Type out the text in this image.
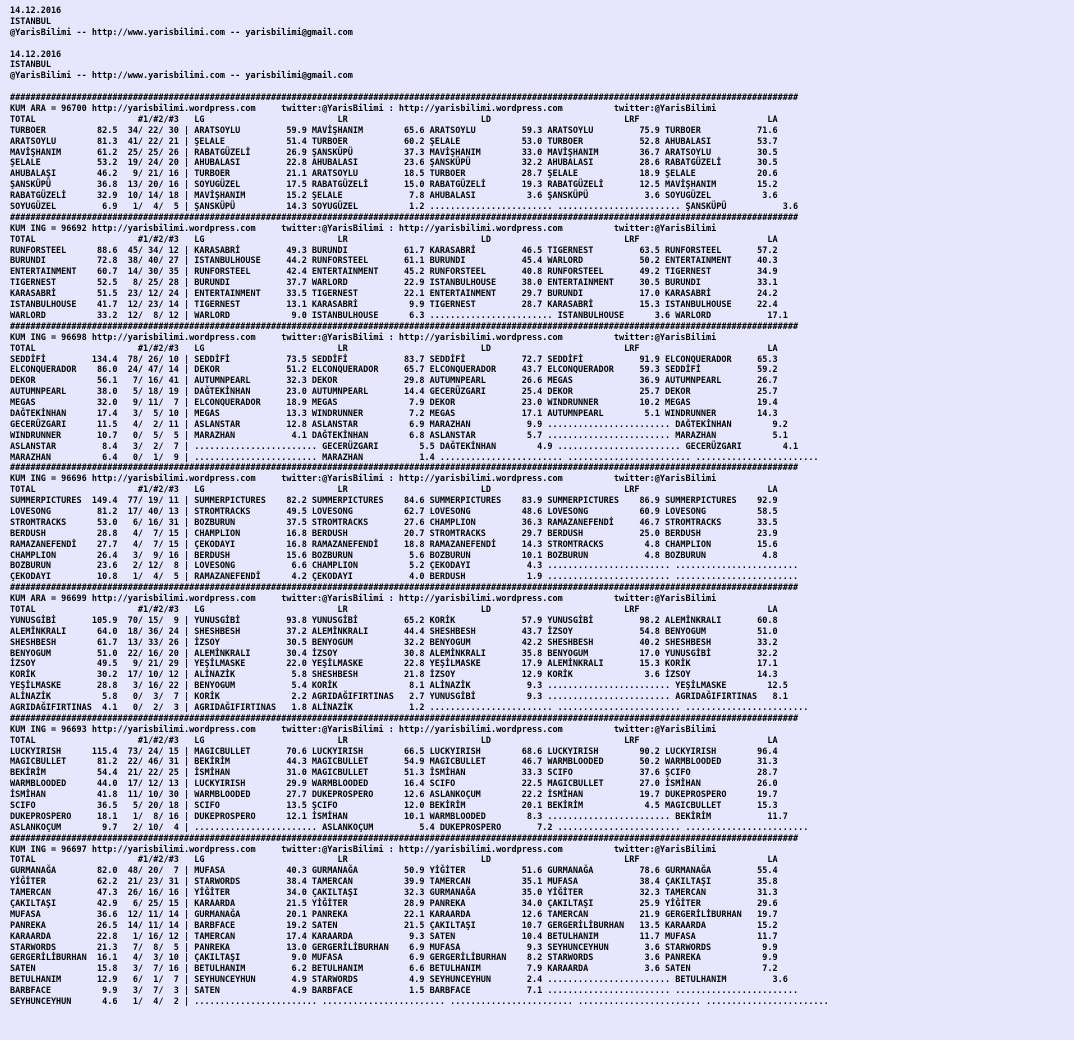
14.12.2016
ISTANBUL
@YarisBilimi -- http://www.yarisbilimi.com -- yarisbilimi@gmail.com

14.12.2016
ISTANBUL
@YarisBilimi -- http://www.yarisbilimi.com -- yarisbilimi@gmail.com

##########################################################################################################################################################
KUM ARA = 96700 http://yarisbilimi.wordpress.com     twitter:@YarisBilimi : http://yarisbilimi.wordpress.com          twitter:@YarisBilimi
TOTAL                    #1/#2/#3   LG                          LR                          LD                          LRF                         LA
TURBOER          82.5  34/ 22/ 30 | ARATSOYLU         59.9 MAVİŞHANIM        65.6 ARATSOYLU         59.3 ARATSOYLU         75.9 TURBOER           71.6
ARATSOYLU        81.3  41/ 22/ 21 | ŞELALE            51.4 TURBOER           60.2 ŞELALE            53.0 TURBOER           52.8 AHUBALASI         53.7
MAVİŞHANIM       61.2  25/ 25/ 26 | RABATGÜZELİ       26.9 ŞANSKÜPÜ          37.3 MAVİŞHANIM        33.0 MAVİŞHANIM        36.7 ARATSOYLU         30.5
ŞELALE           53.2  19/ 24/ 20 | AHUBALASI         22.8 AHUBALASI         23.6 ŞANSKÜPÜ          32.2 AHUBALASI         28.6 RABATGÜZELİ       30.5
AHUBALAŞI        46.2   9/ 21/ 16 | TURBOER           21.1 ARATSOYLU         18.5 TURBOER           28.7 ŞELALE            18.9 ŞELALE            20.6
ŞANSKÜPÜ         36.8  13/ 20/ 16 | SOYUGÜZEL         17.5 RABATGÜZELİ       15.0 RABATGÜZELİ       19.3 RABATGÜZELİ       12.5 MAVİŞHANIM        15.2
RABATGÜZELİ      32.9  10/ 14/ 18 | MAVİŞHANIM        15.2 ŞELALE             7.8 AHUBALASI          3.6 ŞANSKÜPÜ           3.6 SOYUGÜZEL          3.6
SOYUGÜZEL         6.9   1/  4/  5 | ŞANSKÜPÜ          14.3 SOYUGÜZEL          1.2 ........................ ........................ ŞANSKÜPÜ           3.6
##########################################################################################################################################################
KUM ING = 96692 http://yarisbilimi.wordpress.com     twitter:@YarisBilimi : http://yarisbilimi.wordpress.com          twitter:@YarisBilimi
TOTAL                    #1/#2/#3   LG                          LR                          LD                          LRF                         LA
RUNFORSTEEL      88.6  45/ 34/ 12 | KARASABRİ         49.3 BURUNDI           61.7 KARASABRİ         46.5 TIGERNEST         63.5 RUNFORSTEEL       57.2
BURUNDI          72.8  38/ 40/ 27 | ISTANBULHOUSE     44.2 RUNFORSTEEL       61.1 BURUNDI           45.4 WARLORD           50.2 ENTERTAINMENT     40.3
ENTERTAINMENT    60.7  14/ 30/ 35 | RUNFORSTEEL       42.4 ENTERTAINMENT     45.2 RUNFORSTEEL       40.8 RUNFORSTEEL       49.2 TIGERNEST         34.9
TIGERNEST        52.5   8/ 25/ 28 | BURUNDI           37.7 WARLORD           22.9 ISTANBULHOUSE     38.0 ENTERTAINMENT     30.5 BURUNDI           33.1
KARASABRİ        51.5  23/ 12/ 24 | ENTERTAINMENT     33.5 TIGERNEST         22.1 ENTERTAINMENT     29.7 BURUNDI           17.0 KARASABRİ         24.2
ISTANBULHOUSE    41.7  12/ 23/ 14 | TIGERNEST         13.1 KARASABRİ          9.9 TIGERNEST         28.7 KARASABRİ         15.3 ISTANBULHOUSE     22.4
WARLORD          33.2  12/  8/ 12 | WARLORD            9.0 ISTANBULHOUSE      6.3 ........................ ISTANBULHOUSE      3.6 WARLORD           17.1
##########################################################################################################################################################
KUM ING = 96698 http://yarisbilimi.wordpress.com     twitter:@YarisBilimi : http://yarisbilimi.wordpress.com          twitter:@YarisBilimi
TOTAL                    #1/#2/#3   LG                          LR                          LD                          LRF                         LA
SEDDİFİ         134.4  78/ 26/ 10 | SEDDİFİ           73.5 SEDDİFİ           83.7 SEDDİFİ           72.7 SEDDİFİ           91.9 ELCONQUERADOR     65.3
ELCONQUERADOR    86.0  24/ 47/ 14 | DEKOR             51.2 ELCONQUERADOR     65.7 ELCONQUERADOR     43.7 ELCONQUERADOR     59.3 SEDDİFİ           59.2
DEKOR            56.1   7/ 16/ 41 | AUTUMNPEARL       32.3 DEKOR             29.8 AUTUMNPEARL       26.6 MEGAS             36.9 AUTUMNPEARL       26.7
AUTUMNPEARL      38.0   5/ 18/ 19 | DAĞTEKİNHAN       23.0 AUTUMNPEARL       14.4 GECERÜZGARI       25.4 DEKOR             25.7 DEKOR             25.7
MEGAS            32.0   9/ 11/  7 | ELCONQUERADOR     18.9 MEGAS              7.9 DEKOR             23.0 WINDRUNNER        10.2 MEGAS             19.4
DAĞTEKİNHAN      17.4   3/  5/ 10 | MEGAS             13.3 WINDRUNNER         7.2 MEGAS             17.1 AUTUMNPEARL        5.1 WINDRUNNER        14.3
GECERÜZGARI      11.5   4/  2/ 11 | ASLANSTAR         12.8 ASLANSTAR          6.9 MARAZHAN           9.9 ........................ DAĞTEKİNHAN        9.2
WINDRUNNER       10.7   0/  5/  5 | MARAZHAN           4.1 DAĞTEKİNHAN        6.8 ASLANSTAR          5.7 ........................ MARAZHAN           5.1
ASLANSTAR         8.4   3/  2/  7 | ........................ GECERÜZGARI        5.5 DAĞTEKİNHAN        4.9 ........................ GECERÜZGARI        4.1
MARAZHAN          6.4   0/  1/  9 | ........................ MARAZHAN           1.4 ........................ ........................ ........................
##########################################################################################################################################################
KUM ING = 96696 http://yarisbilimi.wordpress.com     twitter:@YarisBilimi : http://yarisbilimi.wordpress.com          twitter:@YarisBilimi
TOTAL                    #1/#2/#3   LG                          LR                          LD                          LRF                         LA
SUMMERPICTURES  149.4  77/ 19/ 11 | SUMMERPICTURES    82.2 SUMMERPICTURES    84.6 SUMMERPICTURES    83.9 SUMMERPICTURES    86.9 SUMMERPICTURES    92.9
LOVESONG         81.2  17/ 40/ 13 | STROMTRACKS       49.5 LOVESONG          62.7 LOVESONG          48.6 LOVESONG          60.9 LOVESONG          58.5
STROMTRACKS      53.0   6/ 16/ 31 | BOZBURUN          37.5 STROMTRACKS       27.6 CHAMPLION         36.3 RAMAZANEFENDİ     46.7 STROMTRACKS       33.5
BERDUSH          28.8   4/  7/ 15 | CHAMPLION         16.8 BERDUSH           20.7 STROMTRACKS       29.7 BERDUSH           25.0 BERDUSH           23.9
RAMAZANEFENDİ    27.7   4/  7/ 15 | ÇEKODAYI          16.8 RAMAZANEFENDİ     18.8 RAMAZANEFENDİ     14.3 STROMTRACKS        4.8 CHAMPLION         15.6
CHAMPLION        26.4   3/  9/ 16 | BERDUSH           15.6 BOZBURUN           5.6 BOZBURUN          10.1 BOZBURUN           4.8 BOZBURUN           4.8
BOZBURUN         23.6   2/ 12/  8 | LOVESONG           6.6 CHAMPLION          5.2 ÇEKODAYI           4.3 ........................ ........................
ÇEKODAYI         10.8   1/  4/  5 | RAMAZANEFENDİ      4.2 ÇEKODAYI           4.0 BERDUSH            1.9 ........................ ........................
##########################################################################################################################################################
KUM ARA = 96699 http://yarisbilimi.wordpress.com     twitter:@YarisBilimi : http://yarisbilimi.wordpress.com          twitter:@YarisBilimi
TOTAL                    #1/#2/#3   LG                          LR                          LD                          LRF                         LA
YUNUSGİBİ       105.9  70/ 15/  9 | YUNUSGİBİ         93.8 YUNUSGİBİ         65.2 KORİK             57.9 YUNUSGİBİ         98.2 ALEMİNKRALI       60.8
ALEMİNKRALI      64.0  18/ 36/ 24 | SHESHBESH         37.2 ALEMİNKRALI       44.4 SHESHBESH         43.7 İZSOY             54.8 BENYOGUM          51.0
SHESHBESH        61.7  13/ 33/ 26 | İZSOY             30.5 BENYOGUM          32.2 BENYOGUM          42.2 SHESHBESH         40.2 SHESHBESH         33.2
BENYOGUM         51.0  22/ 16/ 20 | ALEMİNKRALI       30.4 İZSOY             30.8 ALEMİNKRALI       35.8 BENYOGUM          17.0 YUNUSGİBİ         32.2
İZSOY            49.5   9/ 21/ 29 | YEŞİLMASKE        22.0 YEŞİLMASKE        22.8 YEŞİLMASKE        17.9 ALEMİNKRALI       15.3 KORİK             17.1
KORİK            30.2  17/ 10/ 12 | ALİNAZİK           5.8 SHESHBESH         21.8 İZSOY             12.9 KORİK              3.6 İZSOY             14.3
YEŞİLMASKE       28.8   3/ 16/ 22 | BENYOGUM           5.4 KORİK              8.1 ALİNAZİK           9.3 ........................ YEŞİLMASKE        12.5
ALİNAZİK          5.8   0/  3/  7 | KORİK              2.2 AGRIDAĞIFIRTINAS   2.7 YUNUSGİBİ          9.3 ........................ AGRIDAĞIFIRTINAS   8.1
AGRIDAĞIFIRTINAS  4.1   0/  2/  3 | AGRIDAĞIFIRTINAS   1.8 ALİNAZİK           1.2 ........................ ........................ ........................
##########################################################################################################################################################
KUM ING = 96693 http://yarisbilimi.wordpress.com     twitter:@YarisBilimi : http://yarisbilimi.wordpress.com          twitter:@YarisBilimi
TOTAL                    #1/#2/#3   LG                          LR                          LD                          LRF                         LA
LUCKYIRISH      115.4  73/ 24/ 15 | MAGICBULLET       70.6 LUCKYIRISH        66.5 LUCKYIRISH        68.6 LUCKYIRISH        90.2 LUCKYIRISH        96.4
MAGICBULLET      81.2  22/ 46/ 31 | BEKİRİM           44.3 MAGICBULLET       54.9 MAGICBULLET       46.7 WARMBLOODED       50.2 WARMBLOODED       31.3
BEKİRİM          54.4  21/ 22/ 25 | İSMİHAN           31.0 MAGICBULLET       51.3 İSMİHAN           33.3 SCIFO             37.6 ŞCIFO             28.7
WARMBLOODED      44.0  17/ 12/ 13 | LUCKYIRISH        29.9 WARMBLOODED       16.4 SCIFO             22.5 MAGICBULLET       27.0 İSMİHAN           26.0
İSMİHAN          41.8  11/ 10/ 30 | WARMBLOODED       27.7 DUKEPROSPERO      12.6 ASLANKOÇUM        22.2 İSMİHAN           19.7 DUKEPROSPERO      19.7
SCIFO            36.5   5/ 20/ 18 | SCIFO             13.5 ŞCIFO             12.0 BEKİRİM           20.1 BEKİRİM            4.5 MAGICBULLET       15.3
DUKEPROSPERO     18.1   1/  8/ 16 | DUKEPROSPERO      12.1 İSMİHAN           10.1 WARMBLOODED        8.3 ........................ BEKİRİM           11.7
ASLANKOÇUM        9.7   2/ 10/  4 | ........................ ASLANKOÇUM         5.4 DUKEPROSPERO       7.2 ........................ ........................
##########################################################################################################################################################
KUM ING = 96697 http://yarisbilimi.wordpress.com     twitter:@YarisBilimi : http://yarisbilimi.wordpress.com          twitter:@YarisBilimi
TOTAL                    #1/#2/#3   LG                          LR                          LD                          LRF                         LA
GURMANAĞA        82.0  48/ 20/  7 | MUFASA            40.3 GURMANAĞA         50.9 YİĞİTER           51.6 GURMANAĞA         78.6 GURMANAĞA         55.4
YİĞİTER          62.2  21/ 23/ 31 | STARWORDS         38.4 TAMERCAN          39.9 TAMERCAN          35.1 MUFASA            38.4 ÇAKILTAŞI         35.8
TAMERCAN         47.3  26/ 16/ 16 | YİĞİTER           34.0 ÇAKILTAŞI         32.3 GURMANAĞA         35.0 YİĞİTER           32.3 TAMERCAN          31.3
ÇAKILTAŞI        42.9   6/ 25/ 15 | KARAARDA          21.5 YİĞİTER           28.9 PANREKA           34.0 ÇAKILTAŞI         25.9 YİĞİTER           29.6
MUFASA           36.6  12/ 11/ 14 | GURMANAĞA         20.1 PANREKA           22.1 KARAARDA          12.6 TAMERCAN          21.9 GERGERİLİBURHAN   19.7
PANREKA          26.5  14/ 11/ 14 | BARBFACE          19.2 SATEN             21.5 ÇAKILTAŞI         10.7 GERGERİLİBURHAN   13.5 KARAARDA          15.2
KARAARDA         22.8   1/ 16/ 12 | TAMERCAN          17.4 KARAARDA           9.3 SATEN             10.4 BETULHANIM        11.7 MUFASA            11.7
STARWORDS        21.3   7/  8/  5 | PANREKA           13.0 GERGERİLİBURHAN    6.9 MUFASA             9.3 SEYHUNCEYHUN       3.6 STARWORDS          9.9
GERGERİLİBURHAN  16.1   4/  3/ 10 | ÇAKILTAŞI          9.0 MUFASA             6.9 GERGERİLİBURHAN    8.2 STARWORDS          3.6 PANREKA            9.9
SATEN            15.8   3/  7/ 16 | BETULHANIM         6.2 BETULHANIM         6.6 BETULHANIM         7.9 KARAARDA           3.6 SATEN              7.2
BETULHANIM       12.9   6/  1/  7 | SEYHUNCEYHUN       4.9 STARWORDS          4.9 SEYHUNCEYHUN       2.4 ........................ BETULHANIM         3.6
BARBFACE          9.9   3/  7/  3 | SATEN              4.9 BARBFACE           1.5 BARBFACE           7.1 ........................ ........................
SEYHUNCEYHUN      4.6   1/  4/  2 | ........................ ........................ ........................ ........................ ........................
